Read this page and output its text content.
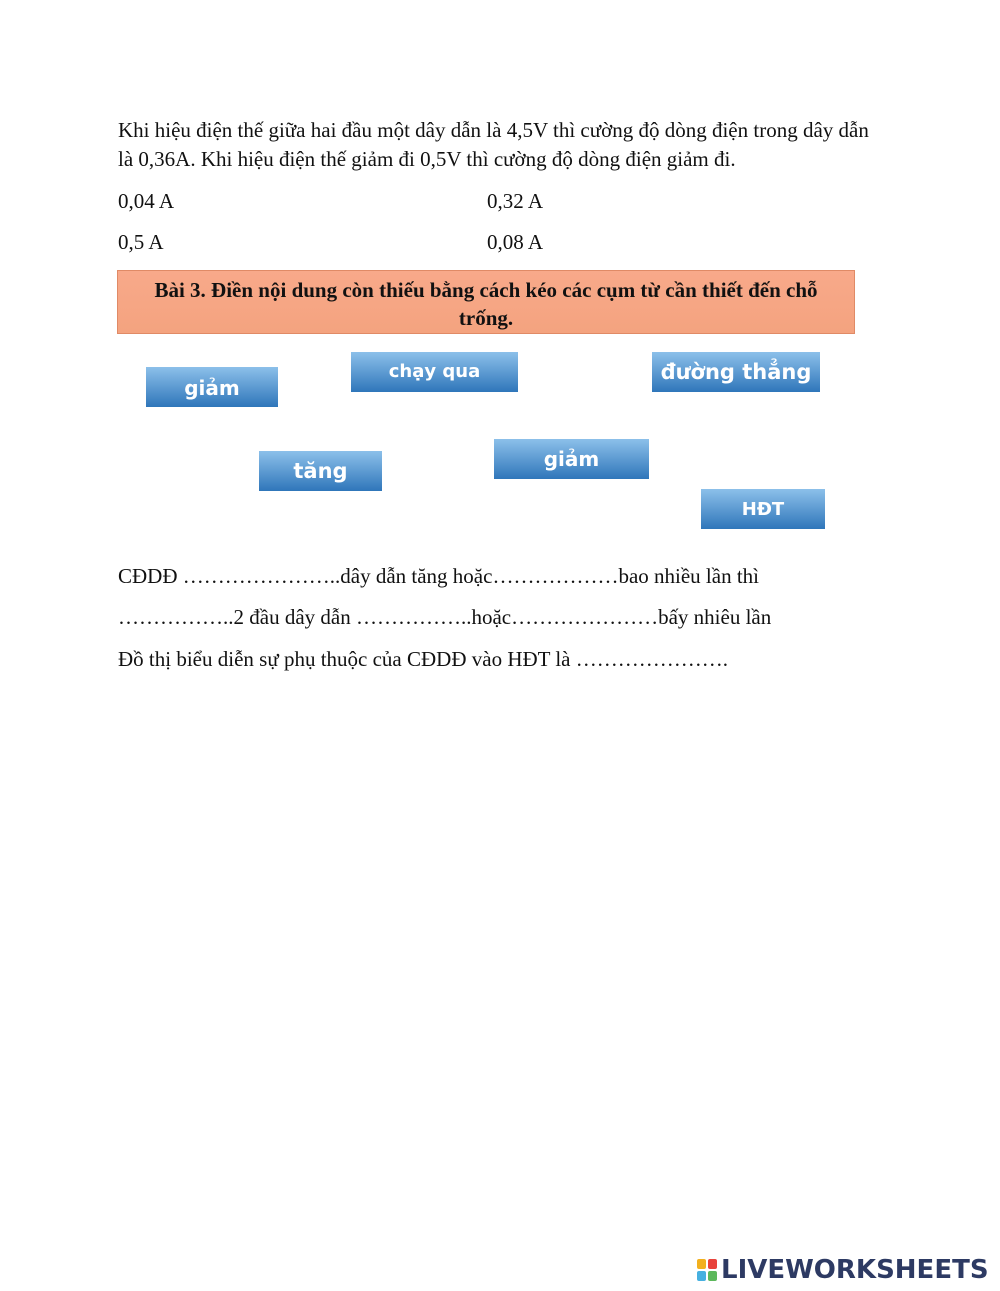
Khi hiệu điện thế giữa hai đầu một dây dẫn là 4,5V thì cường độ dòng điện trong dây dẫn là 0,36A. Khi hiệu điện thế giảm đi 0,5V thì cường độ dòng điện giảm đi.

0,04 A	0,32 A
0,5 A	0,08 A
Bài 3. Điền nội dung còn thiếu bằng cách kéo các cụm từ cần thiết đến chỗ trống.
giảm
chạy qua	đường thẳng
tăng	giảm
HĐT
CĐDĐ …………………..dây dẫn tăng hoặc………………bao nhiều lần thì
……………..2 đầu dây dẫn ……………..hoặc…………………bấy nhiêu lần
Đồ thị biểu diễn sự phụ thuộc của CĐDĐ vào HĐT là ………………….
LIVEWORKSHEETS
